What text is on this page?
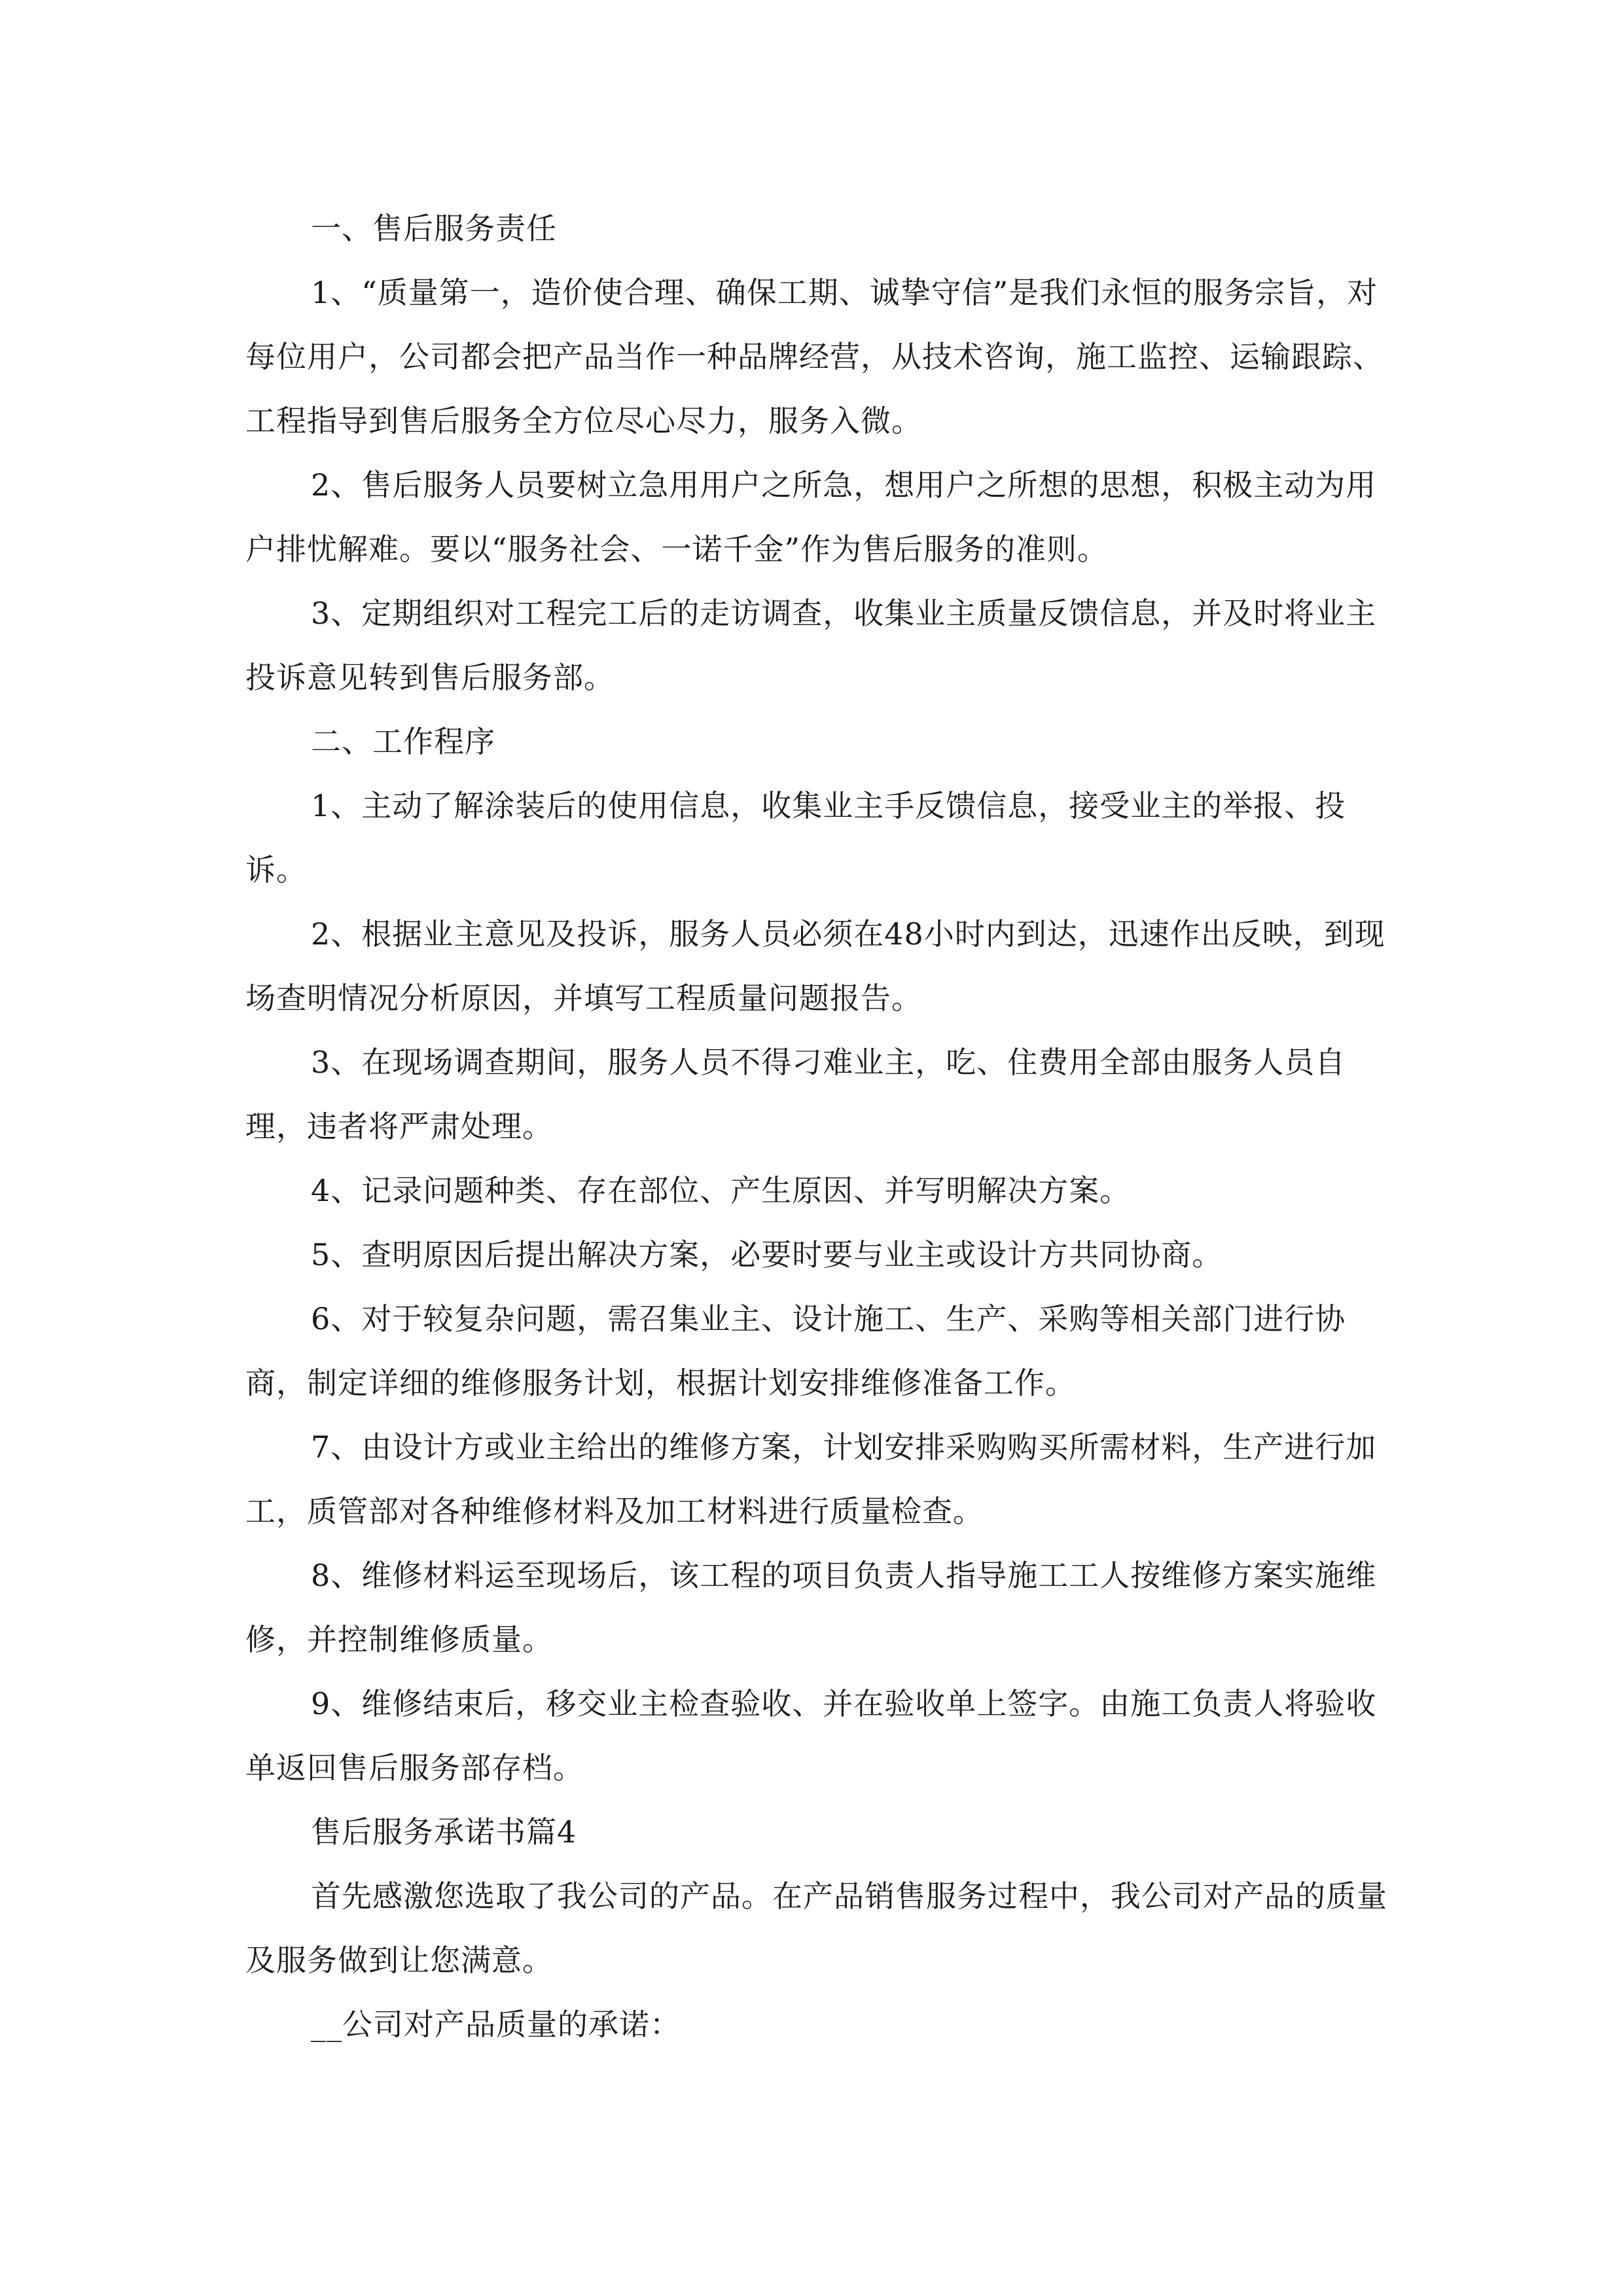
一、售后服务责任

1、“质量第一，造价使合理、确保工期、诚挚守信”是我们永恒的服务宗旨，对每位用户，公司都会把产品当作一种品牌经营，从技术咨询，施工监控、运输跟踪、工程指导到售后服务全方位尽心尽力，服务入微。

2、售后服务人员要树立急用用户之所急，想用户之所想的思想，积极主动为用户排忧解难。要以“服务社会、一诺千金”作为售后服务的准则。

3、定期组织对工程完工后的走访调查，收集业主质量反馈信息，并及时将业主投诉意见转到售后服务部。

二、工作程序

1、主动了解涂装后的使用信息，收集业主手反馈信息，接受业主的举报、投诉。

2、根据业主意见及投诉，服务人员必须在48小时内到达，迅速作出反映，到现场查明情况分析原因，并填写工程质量问题报告。

3、在现场调查期间，服务人员不得刁难业主，吃、住费用全部由服务人员自理，违者将严肃处理。

4、记录问题种类、存在部位、产生原因、并写明解决方案。

5、查明原因后提出解决方案，必要时要与业主或设计方共同协商。

6、对于较复杂问题，需召集业主、设计施工、生产、采购等相关部门进行协商，制定详细的维修服务计划，根据计划安排维修准备工作。

7、由设计方或业主给出的维修方案，计划安排采购购买所需材料，生产进行加工，质管部对各种维修材料及加工材料进行质量检查。

8、维修材料运至现场后，该工程的项目负责人指导施工工人按维修方案实施维修，并控制维修质量。

9、维修结束后，移交业主检查验收、并在验收单上签字。由施工负责人将验收单返回售后服务部存档。

售后服务承诺书篇4

首先感激您选取了我公司的产品。在产品销售服务过程中，我公司对产品的质量及服务做到让您满意。

__公司对产品质量的承诺：
